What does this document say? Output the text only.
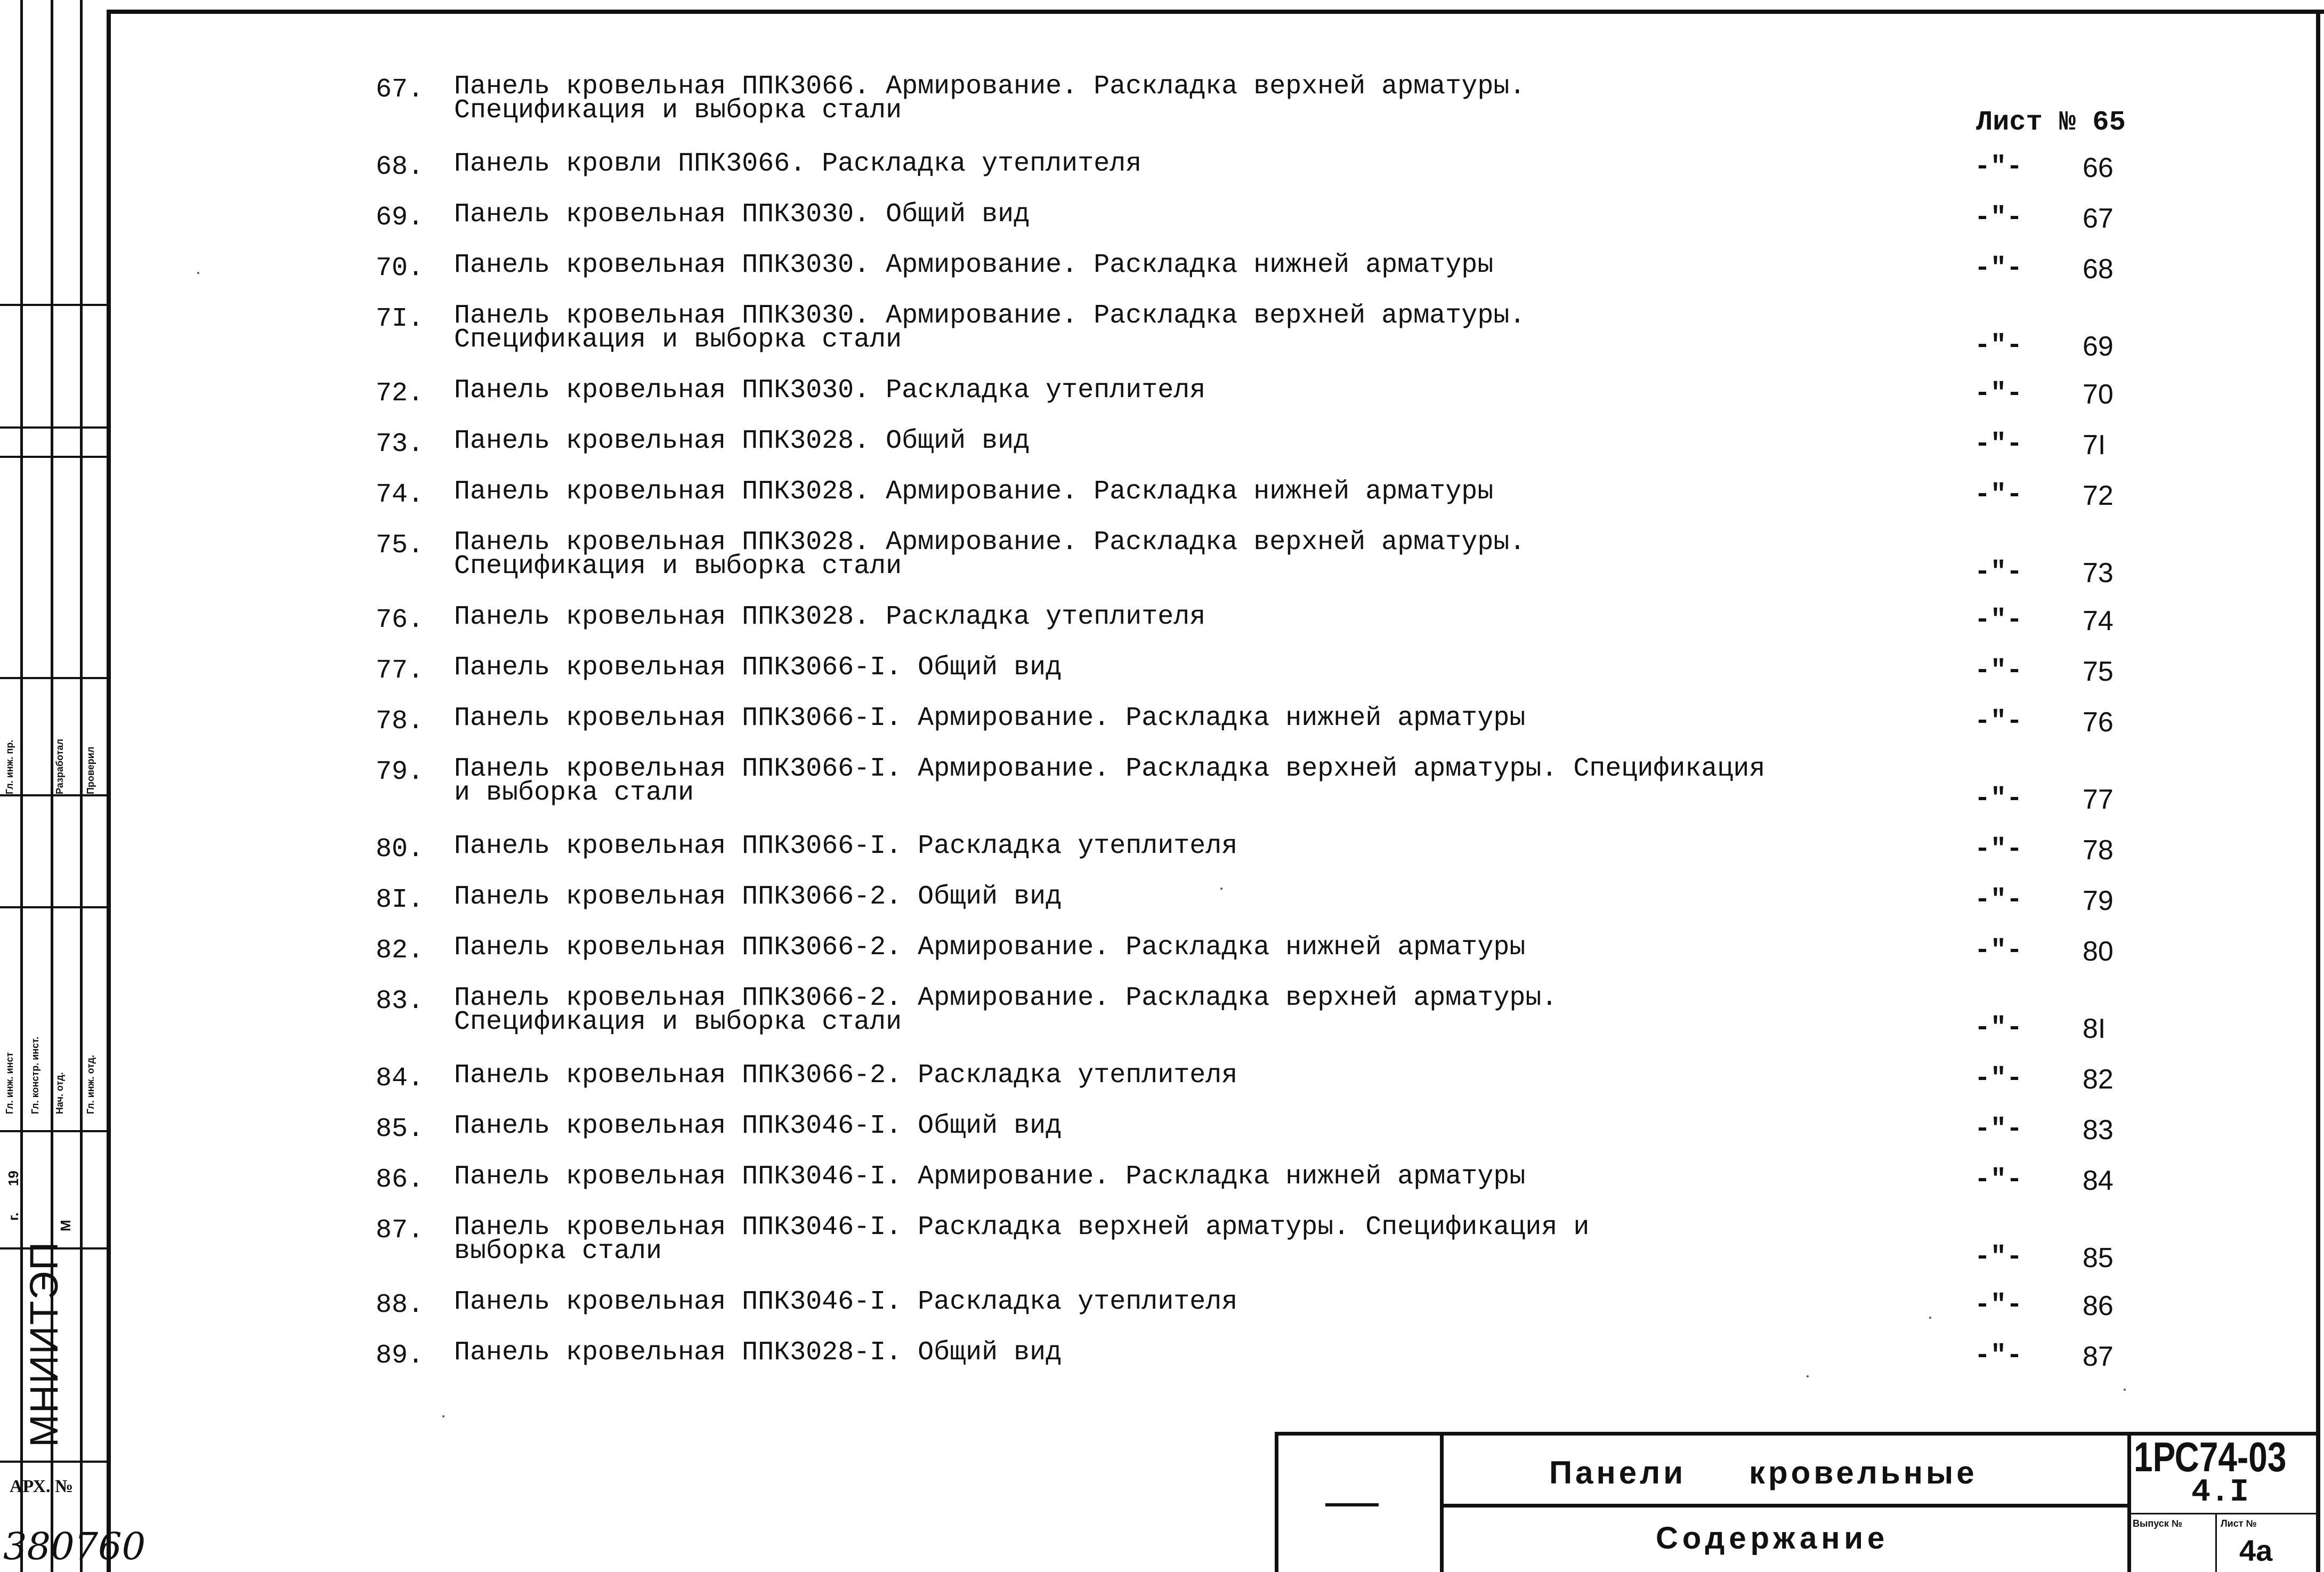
Гл. инж. пр.	Разработал Проверил
Гл. инж. инст Гл. констр. инст. Нач. отд. Гл. инж. отд.
г.
19
М
МНИИТЭП
АРХ. №
380760
Лист № 65
67. Панель кровельная ППК3066. Армирование. Раскладка верхней арматуры.
Спецификация и выборка стали
68. Панель кровли ППК3066. Раскладка утеплителя	-"- 66
69. Панель кровельная ППК3030. Общий вид	-"- 67
70. Панель кровельная ППК3030. Армирование. Раскладка нижней арматуры	-"- 68
7I. Панель кровельная ППК3030. Армирование. Раскладка верхней арматуры.
Спецификация и выборка стали	-"- 69
72. Панель кровельная ППК3030. Раскладка утеплителя	-"- 70
73. Панель кровельная ППК3028. Общий вид	-"- 7I
74. Панель кровельная ППК3028. Армирование. Раскладка нижней арматуры	-"- 72
75. Панель кровельная ППК3028. Армирование. Раскладка верхней арматуры.
Спецификация и выборка стали	-"- 73
76. Панель кровельная ППК3028. Раскладка утеплителя	-"- 74
77. Панель кровельная ППК3066-I. Общий вид	-"- 75
78. Панель кровельная ППК3066-I. Армирование. Раскладка нижней арматуры	-"- 76
79. Панель кровельная ППК3066-I. Армирование. Раскладка верхней арматуры. Спецификация
и выборка стали	-"- 77
80. Панель кровельная ППК3066-I. Раскладка утеплителя	-"- 78
8I. Панель кровельная ППК3066-2. Общий вид	-"- 79
82. Панель кровельная ППК3066-2. Армирование. Раскладка нижней арматуры	-"- 80
83. Панель кровельная ППК3066-2. Армирование. Раскладка верхней арматуры.
Спецификация и выборка стали	-"- 8I
84. Панель кровельная ППК3066-2. Раскладка утеплителя	-"- 82
85. Панель кровельная ППК3046-I. Общий вид	-"- 83
86. Панель кровельная ППК3046-I. Армирование. Раскладка нижней арматуры	-"- 84
87. Панель кровельная ППК3046-I. Раскладка верхней арматуры. Спецификация и
выборка стали	-"- 85
88. Панель кровельная ППК3046-I. Раскладка утеплителя	-"- 86
89. Панель кровельная ППК3028-I. Общий вид	-"- 87
Панели кровельные
Содержание
1РС74-03
4.I
Выпуск №	Лист №
4а
